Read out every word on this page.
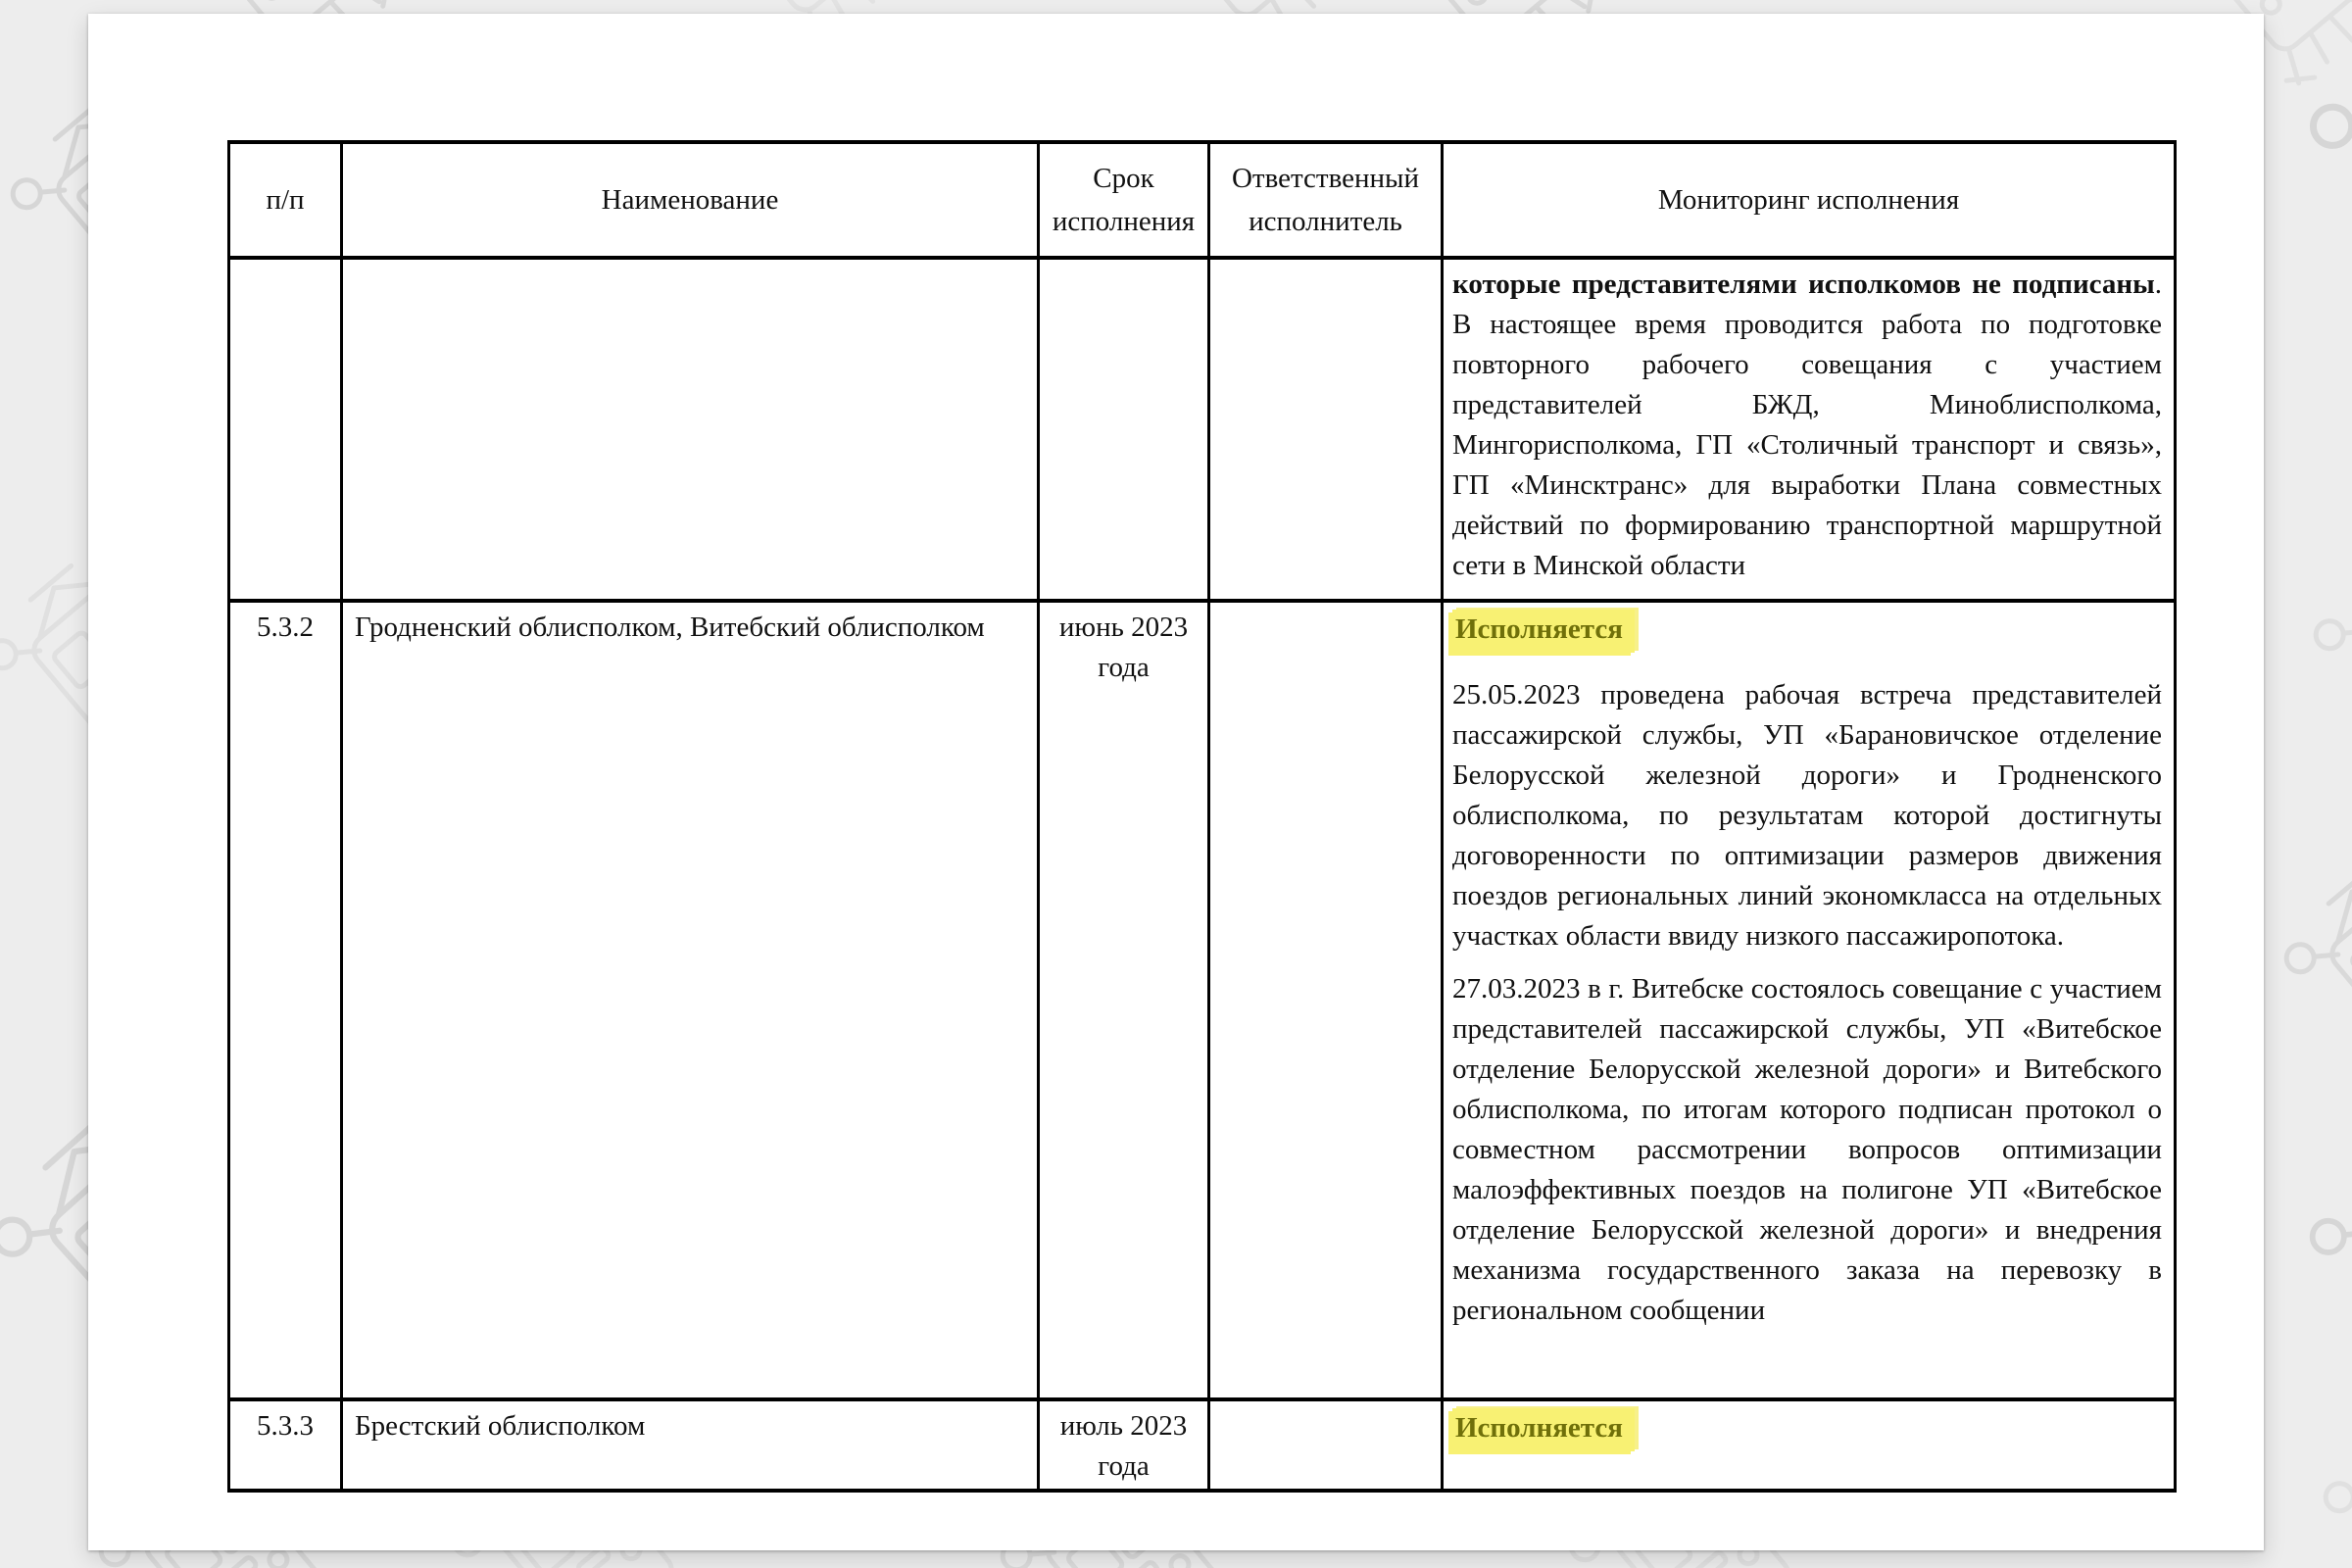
п/п	Наименование	Срок исполнения	Ответственный исполнитель	Мониторинг исполнения

				которые представителями исполкомов не подписаны. В настоящее время проводится работа по подготовке повторного рабочего совещания с участием представителей БЖД, Миноблисполкома, Мингорисполкома, ГП «Столичный транспорт и связь», ГП «Минсктранс» для выработки Плана совместных действий по формированию транспортной маршрутной сети в Минской области

5.3.2	Гродненский облисполком, Витебский облисполком	июнь 2023 года		Исполняется

25.05.2023 проведена рабочая встреча представителей пассажирской службы, УП «Барановичское отделение Белорусской железной дороги» и Гродненского облисполкома, по результатам которой достигнуты договоренности по оптимизации размеров движения поездов региональных линий экономкласса на отдельных участках области ввиду низкого пассажиропотока.

27.03.2023 в г. Витебске состоялось совещание с участием представителей пассажирской службы, УП «Витебское отделение Белорусской железной дороги» и Витебского облисполкома, по итогам которого подписан протокол о совместном рассмотрении вопросов оптимизации малоэффективных поездов на полигоне УП «Витебское отделение Белорусской железной дороги» и внедрения механизма государственного заказа на перевозку в региональном сообщении

5.3.3	Брестский облисполком	июль 2023 года		Исполняется
